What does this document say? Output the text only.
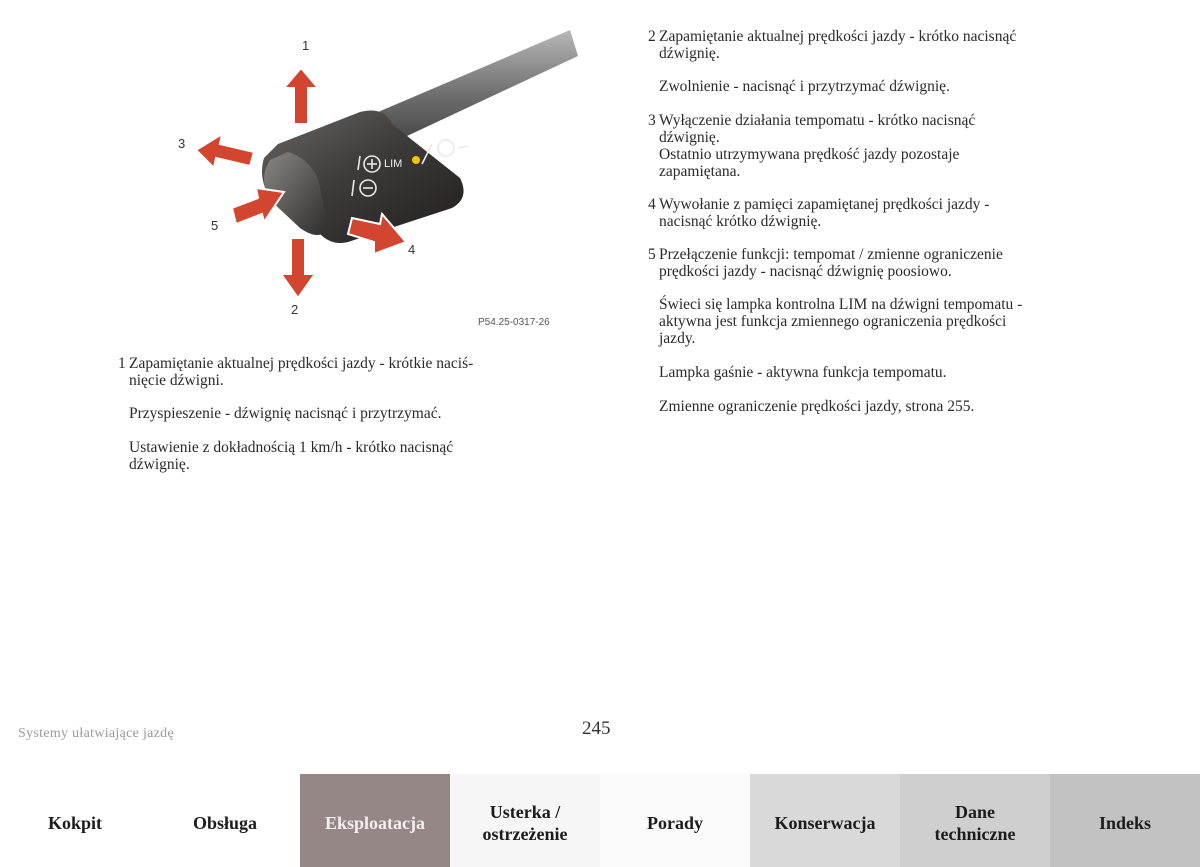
LIM
1
2
3
4
5
P54.25-0317-26
1 Zapamiętanie aktualnej prędkości jazdy - krótkie naciś-
nięcie dźwigni.
Przyspieszenie - dźwignię nacisnąć i przytrzymać.
Ustawienie z dokładnością 1 km/h - krótko nacisnąć
dźwignię.
2 Zapamiętanie aktualnej prędkości jazdy - krótko nacisnąć
dźwignię.
Zwolnienie - nacisnąć i przytrzymać dźwignię.
3 Wyłączenie działania tempomatu - krótko nacisnąć
dźwignię.
Ostatnio utrzymywana prędkość jazdy pozostaje
zapamiętana.
4 Wywołanie z pamięci zapamiętanej prędkości jazdy -
nacisnąć krótko dźwignię.
5 Przełączenie funkcji: tempomat / zmienne ograniczenie
prędkości jazdy - nacisnąć dźwignię poosiowo.
Świeci się lampka kontrolna LIM na dźwigni tempomatu -
aktywna jest funkcja zmiennego ograniczenia prędkości
jazdy.
Lampka gaśnie - aktywna funkcja tempomatu.
Zmienne ograniczenie prędkości jazdy, strona 255.
Systemy ułatwiające jazdę	245
Kokpit	Obsługa	Eksploatacja
Usterka /
ostrzeżenie
Porady	Konserwacja
Dane
techniczne
Indeks
